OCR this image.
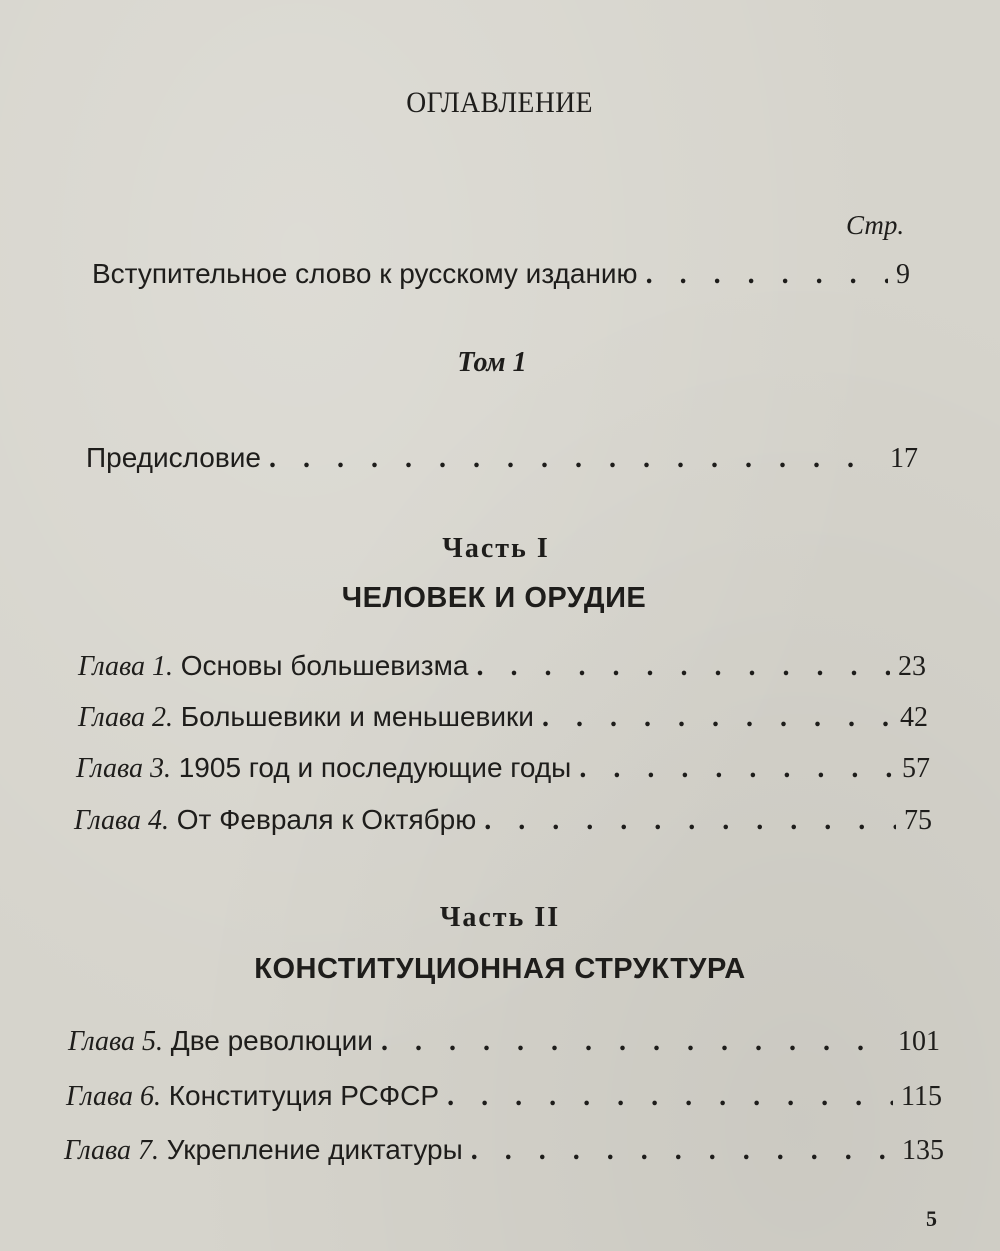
ОГЛАВЛЕНИЕ
Стр.
Вступительное слово к русскому изданию . . .	9
Том 1
Предисловие . . .	17
Часть I
ЧЕЛОВЕК И ОРУДИЕ
Глава 1. Основы большевизма . . .	23
Глава 2. Большевики и меньшевики . . .	42
Глава 3. 1905 год и последующие годы . . .	57
Глава 4. От Февраля к Октябрю . . .	75
Часть II
КОНСТИТУЦИОННАЯ СТРУКТУРА
Глава 5. Две революции . . .	101
Глава 6. Конституция РСФСР . . .	115
Глава 7. Укрепление диктатуры . . .	135
5
